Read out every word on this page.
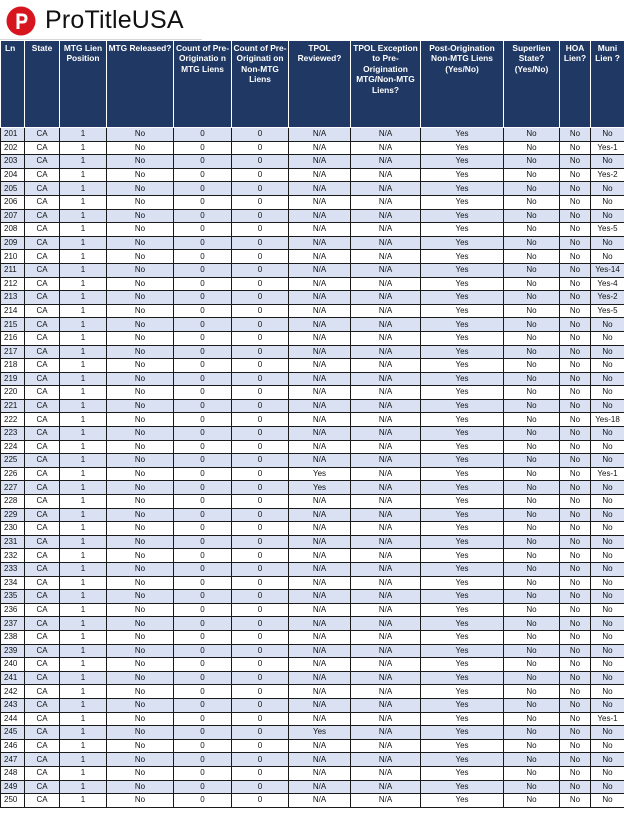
ProTitleUSA
Ln	State	MTG Lien Position	MTG Released?	Count of Pre-Originatio n MTG Liens	Count of Pre-Originati on Non-MTG Liens	TPOL Reviewed?	TPOL Exception to Pre-Origination MTG/Non-MTG Liens?	Post-Origination Non-MTG Liens (Yes/No)	Superlien State? (Yes/No)	HOA Lien?	Muni Lien ?
201	CA	1	No	0	0	N/A	N/A	Yes	No	No	No
202	CA	1	No	0	0	N/A	N/A	Yes	No	No	Yes-1
203	CA	1	No	0	0	N/A	N/A	Yes	No	No	No
204	CA	1	No	0	0	N/A	N/A	Yes	No	No	Yes-2
205	CA	1	No	0	0	N/A	N/A	Yes	No	No	No
206	CA	1	No	0	0	N/A	N/A	Yes	No	No	No
207	CA	1	No	0	0	N/A	N/A	Yes	No	No	No
208	CA	1	No	0	0	N/A	N/A	Yes	No	No	Yes-5
209	CA	1	No	0	0	N/A	N/A	Yes	No	No	No
210	CA	1	No	0	0	N/A	N/A	Yes	No	No	No
211	CA	1	No	0	0	N/A	N/A	Yes	No	No	Yes-14
212	CA	1	No	0	0	N/A	N/A	Yes	No	No	Yes-4
213	CA	1	No	0	0	N/A	N/A	Yes	No	No	Yes-2
214	CA	1	No	0	0	N/A	N/A	Yes	No	No	Yes-5
215	CA	1	No	0	0	N/A	N/A	Yes	No	No	No
216	CA	1	No	0	0	N/A	N/A	Yes	No	No	No
217	CA	1	No	0	0	N/A	N/A	Yes	No	No	No
218	CA	1	No	0	0	N/A	N/A	Yes	No	No	No
219	CA	1	No	0	0	N/A	N/A	Yes	No	No	No
220	CA	1	No	0	0	N/A	N/A	Yes	No	No	No
221	CA	1	No	0	0	N/A	N/A	Yes	No	No	No
222	CA	1	No	0	0	N/A	N/A	Yes	No	No	Yes-18
223	CA	1	No	0	0	N/A	N/A	Yes	No	No	No
224	CA	1	No	0	0	N/A	N/A	Yes	No	No	No
225	CA	1	No	0	0	N/A	N/A	Yes	No	No	No
226	CA	1	No	0	0	Yes	N/A	Yes	No	No	Yes-1
227	CA	1	No	0	0	Yes	N/A	Yes	No	No	No
228	CA	1	No	0	0	N/A	N/A	Yes	No	No	No
229	CA	1	No	0	0	N/A	N/A	Yes	No	No	No
230	CA	1	No	0	0	N/A	N/A	Yes	No	No	No
231	CA	1	No	0	0	N/A	N/A	Yes	No	No	No
232	CA	1	No	0	0	N/A	N/A	Yes	No	No	No
233	CA	1	No	0	0	N/A	N/A	Yes	No	No	No
234	CA	1	No	0	0	N/A	N/A	Yes	No	No	No
235	CA	1	No	0	0	N/A	N/A	Yes	No	No	No
236	CA	1	No	0	0	N/A	N/A	Yes	No	No	No
237	CA	1	No	0	0	N/A	N/A	Yes	No	No	No
238	CA	1	No	0	0	N/A	N/A	Yes	No	No	No
239	CA	1	No	0	0	N/A	N/A	Yes	No	No	No
240	CA	1	No	0	0	N/A	N/A	Yes	No	No	No
241	CA	1	No	0	0	N/A	N/A	Yes	No	No	No
242	CA	1	No	0	0	N/A	N/A	Yes	No	No	No
243	CA	1	No	0	0	N/A	N/A	Yes	No	No	No
244	CA	1	No	0	0	N/A	N/A	Yes	No	No	Yes-1
245	CA	1	No	0	0	Yes	N/A	Yes	No	No	No
246	CA	1	No	0	0	N/A	N/A	Yes	No	No	No
247	CA	1	No	0	0	N/A	N/A	Yes	No	No	No
248	CA	1	No	0	0	N/A	N/A	Yes	No	No	No
249	CA	1	No	0	0	N/A	N/A	Yes	No	No	No
250	CA	1	No	0	0	N/A	N/A	Yes	No	No	No
